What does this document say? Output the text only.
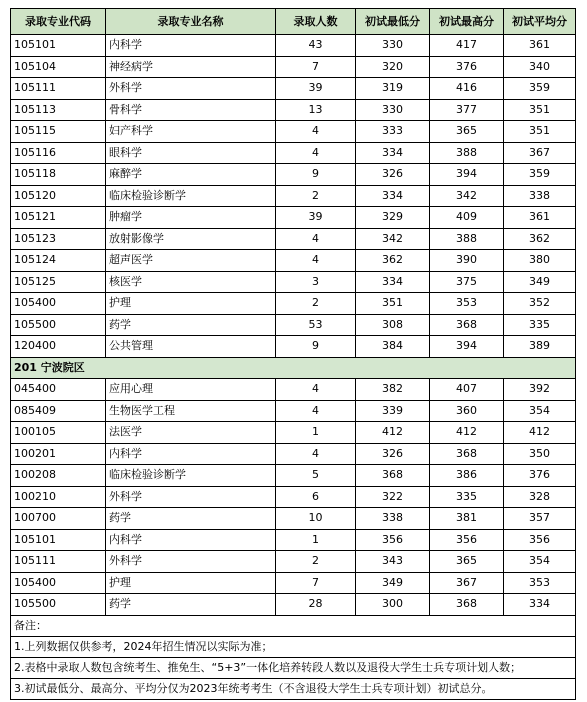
录取专业代码	录取专业名称	录取人数	初试最低分	初试最高分	初试平均分
105101	内科学	43	330	417	361
105104	神经病学	7	320	376	340
105111	外科学	39	319	416	359
105113	骨科学	13	330	377	351
105115	妇产科学	4	333	365	351
105116	眼科学	4	334	388	367
105118	麻醉学	9	326	394	359
105120	临床检验诊断学	2	334	342	338
105121	肿瘤学	39	329	409	361
105123	放射影像学	4	342	388	362
105124	超声医学	4	362	390	380
105125	核医学	3	334	375	349
105400	护理	2	351	353	352
105500	药学	53	308	368	335
120400	公共管理	9	384	394	389
201 宁波院区					
045400	应用心理	4	382	407	392
085409	生物医学工程	4	339	360	354
100105	法医学	1	412	412	412
100201	内科学	4	326	368	350
100208	临床检验诊断学	5	368	386	376
100210	外科学	6	322	335	328
100700	药学	10	338	381	357
105101	内科学	1	356	356	356
105111	外科学	2	343	365	354
105400	护理	7	349	367	353
105500	药学	28	300	368	334
备注：					
1.上列数据仅供参考，2024年招生情况以实际为准；					
2.表格中录取人数包含统考生、推免生、“5+3”一体化培养转段人数以及退役大学生士兵专项计划人数；					
3.初试最低分、最高分、平均分仅为2023年统考考生（不含退役大学生士兵专项计划）初试总分。					
